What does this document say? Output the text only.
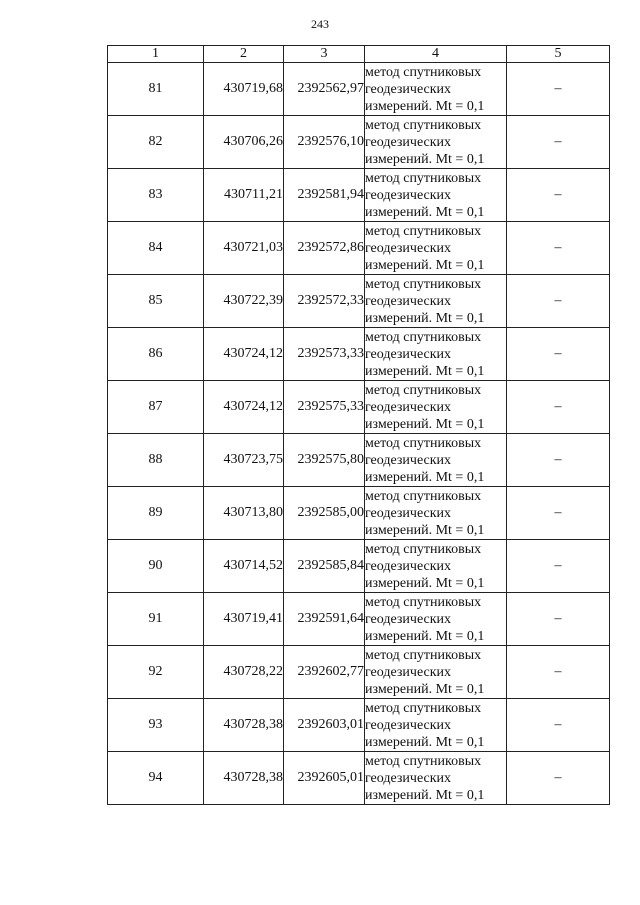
243
1	2	3	4	5
81	430719,68	2392562,97	метод спутниковых
геодезических
измерений. Mt = 0,1	–
82	430706,26	2392576,10	метод спутниковых
геодезических
измерений. Mt = 0,1	–
83	430711,21	2392581,94	метод спутниковых
геодезических
измерений. Mt = 0,1	–
84	430721,03	2392572,86	метод спутниковых
геодезических
измерений. Mt = 0,1	–
85	430722,39	2392572,33	метод спутниковых
геодезических
измерений. Mt = 0,1	–
86	430724,12	2392573,33	метод спутниковых
геодезических
измерений. Mt = 0,1	–
87	430724,12	2392575,33	метод спутниковых
геодезических
измерений. Mt = 0,1	–
88	430723,75	2392575,80	метод спутниковых
геодезических
измерений. Mt = 0,1	–
89	430713,80	2392585,00	метод спутниковых
геодезических
измерений. Mt = 0,1	–
90	430714,52	2392585,84	метод спутниковых
геодезических
измерений. Mt = 0,1	–
91	430719,41	2392591,64	метод спутниковых
геодезических
измерений. Mt = 0,1	–
92	430728,22	2392602,77	метод спутниковых
геодезических
измерений. Mt = 0,1	–
93	430728,38	2392603,01	метод спутниковых
геодезических
измерений. Mt = 0,1	–
94	430728,38	2392605,01	метод спутниковых
геодезических
измерений. Mt = 0,1	–
